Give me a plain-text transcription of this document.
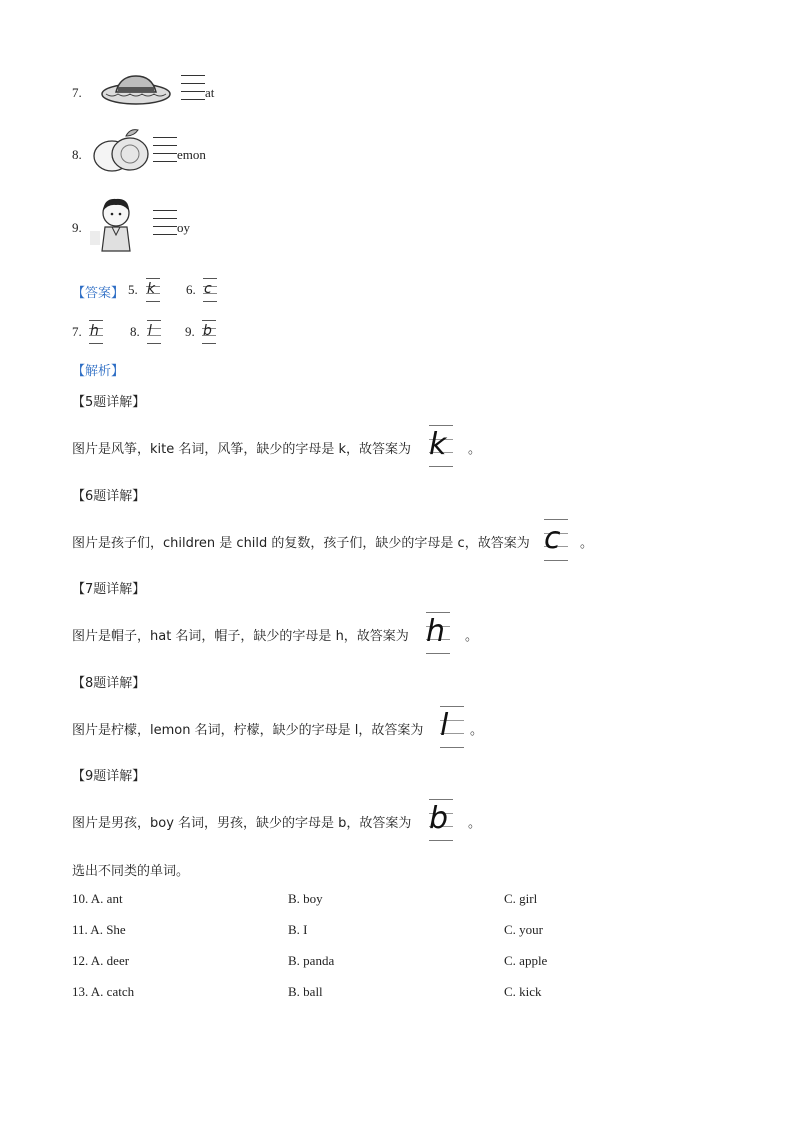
7.	at
8.	emon
9.	oy
【答案】 5. k 6. c
7. h 8. l	9. b
【解析】
【5题详解】
图片是风筝，kite 名词，风筝，缺少的字母是 k，故答案为 k 。
【6题详解】
图片是孩子们，children 是 child 的复数，孩子们，缺少的字母是 c，故答案为 c 。
【7题详解】
图片是帽子，hat 名词，帽子，缺少的字母是 h，故答案为 h 。
【8题详解】
图片是柠檬，lemon 名词，柠檬，缺少的字母是 l，故答案为 l 。
【9题详解】
图片是男孩，boy 名词，男孩，缺少的字母是 b，故答案为 b 。
选出不同类的单词。
10. A. ant	B. boy	C. girl
11. A. She	B. I	C. your
12. A. deer	B. panda	C. apple
13. A. catch	B. ball	C. kick
